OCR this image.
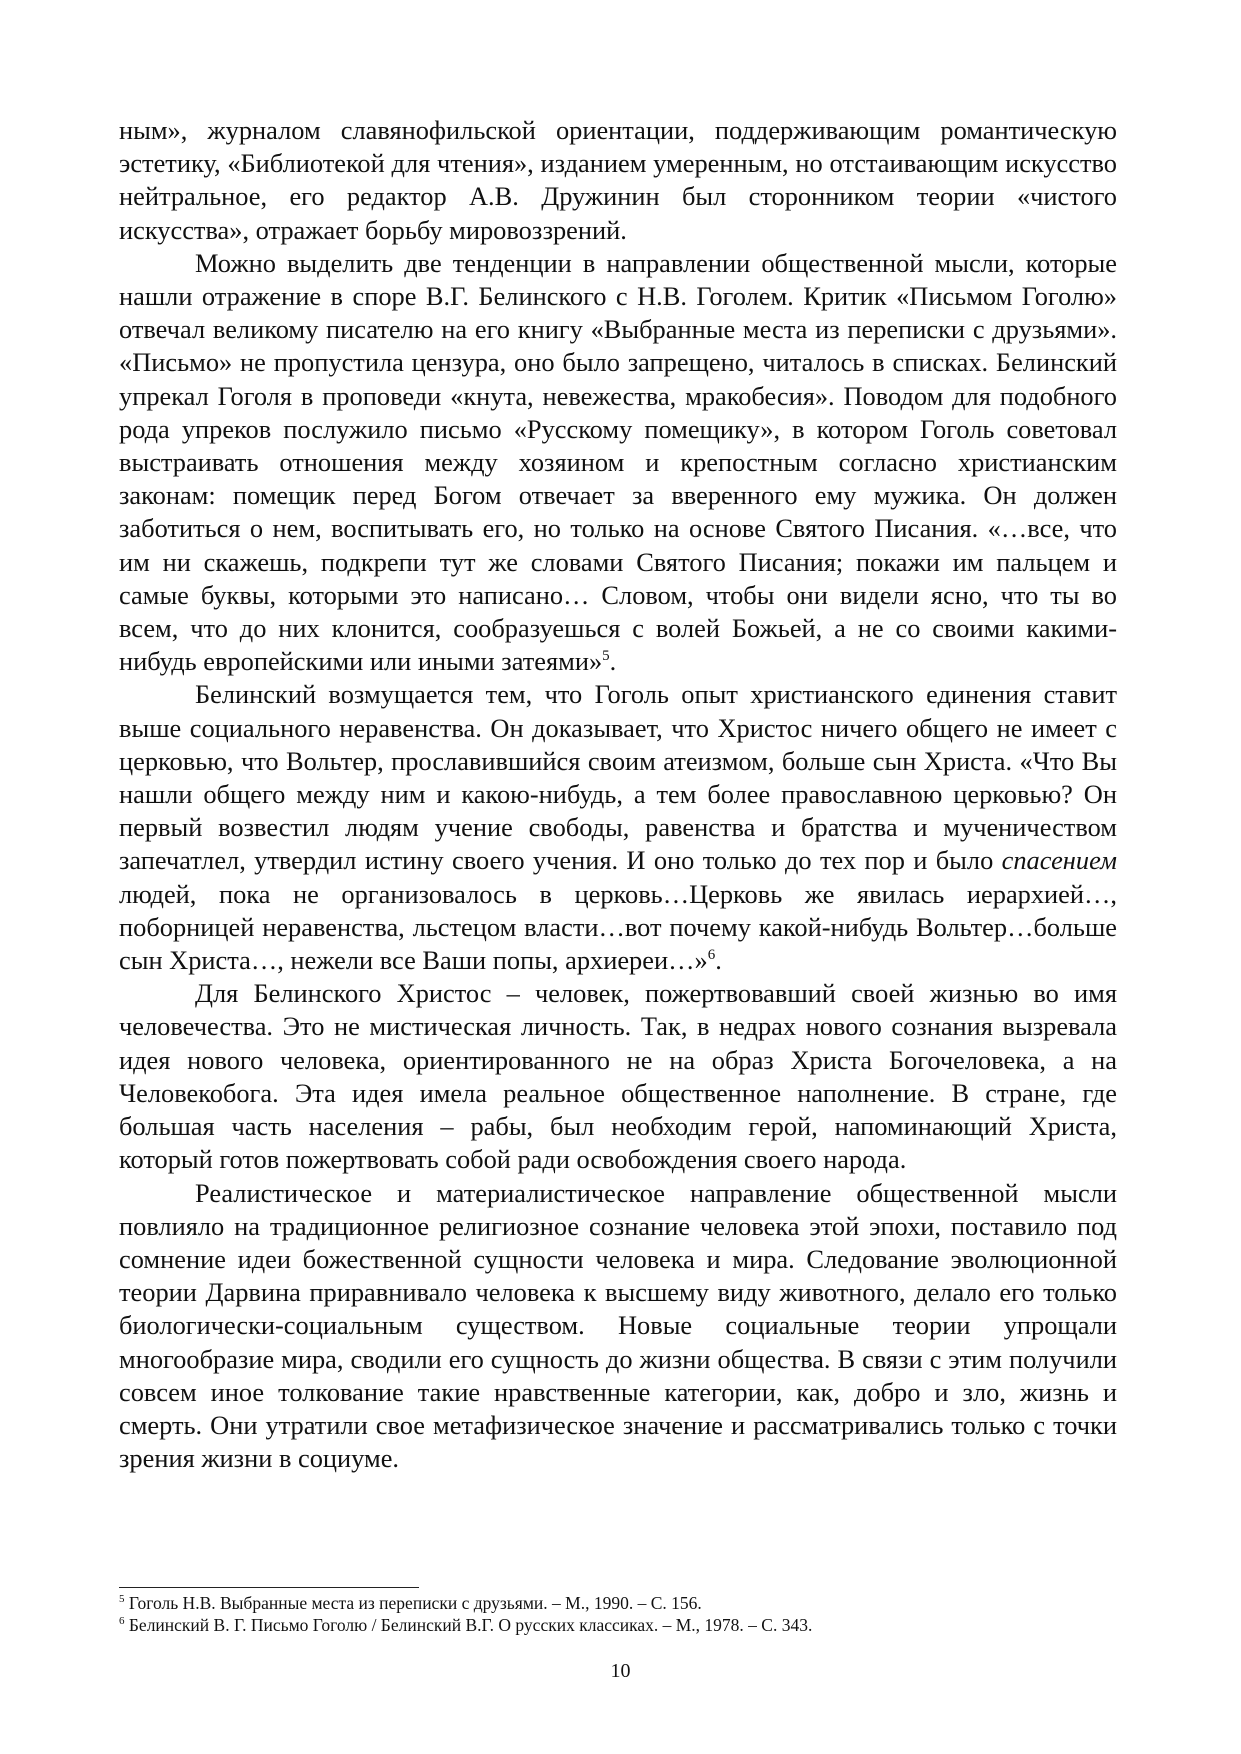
ным», журналом славянофильской ориентации, поддерживающим романтическую эстетику, «Библиотекой для чтения», изданием умеренным, но отстаивающим искусство нейтральное, его редактор А.В. Дружинин был сторонником теории «чистого искусства», отражает борьбу мировоззрений.

Можно выделить две тенденции в направлении общественной мысли, которые нашли отражение в споре В.Г. Белинского с Н.В. Гоголем. Критик «Письмом Гоголю» отвечал великому писателю на его книгу «Выбранные места из переписки с друзьями». «Письмо» не пропустила цензура, оно было запрещено, читалось в списках. Белинский упрекал Гоголя в проповеди «кнута, невежества, мракобесия». Поводом для подобного рода упреков послужило письмо «Русскому помещику», в котором Гоголь советовал выстраивать отношения между хозяином и крепостным согласно христианским законам: помещик перед Богом отвечает за вверенного ему мужика. Он должен заботиться о нем, воспитывать его, но только на основе Святого Писания. «…все, что им ни скажешь, подкрепи тут же словами Святого Писания; покажи им пальцем и самые буквы, которыми это написано… Словом, чтобы они видели ясно, что ты во всем, что до них клонится, сообразуешься с волей Божьей, а не со своими какими-нибудь европейскими или иными затеями»$^5$.

Белинский возмущается тем, что Гоголь опыт христианского единения ставит выше социального неравенства. Он доказывает, что Христос ничего общего не имеет с церковью, что Вольтер, прославившийся своим атеизмом, больше сын Христа. «Что Вы нашли общего между ним и какою-нибудь, а тем более православною церковью? Он первый возвестил людям учение свободы, равенства и братства и мученичеством запечатлел, утвердил истину своего учения. И оно только до тех пор и было спасением людей, пока не организовалось в церковь…Церковь же явилась иерархией…, поборницей неравенства, льстецом власти…вот почему какой-нибудь Вольтер…больше сын Христа…, нежели все Ваши попы, архиереи…»$^6$.

Для Белинского Христос – человек, пожертвовавший своей жизнью во имя человечества. Это не мистическая личность. Так, в недрах нового сознания вызревала идея нового человека, ориентированного не на образ Христа Богочеловека, а на Человекобога. Эта идея имела реальное общественное наполнение. В стране, где большая часть населения – рабы, был необходим герой, напоминающий Христа, который готов пожертвовать собой ради освобождения своего народа.

Реалистическое и материалистическое направление общественной мысли повлияло на традиционное религиозное сознание человека этой эпохи, поставило под сомнение идеи божественной сущности человека и мира. Следование эволюционной теории Дарвина приравнивало человека к высшему виду животного, делало его только биологически-социальным существом. Новые социальные теории упрощали многообразие мира, сводили его сущность до жизни общества. В связи с этим получили совсем иное толкование такие нравственные категории, как, добро и зло, жизнь и смерть. Они утратили свое метафизическое значение и рассматривались только с точки зрения жизни в социуме.

$^5$ Гоголь Н.В. Выбранные места из переписки с друзьями. – М., 1990. – С. 156.
$^6$ Белинский В. Г. Письмо Гоголю / Белинский В.Г. О русских классиках. – М., 1978. – С. 343.
10
